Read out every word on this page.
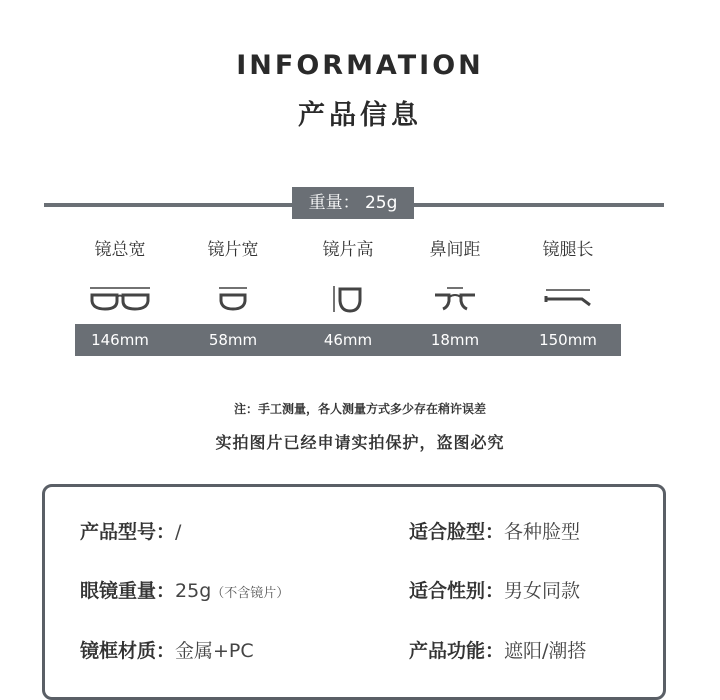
INFORMATION
产品信息
重量： 25g
镜总宽	镜片宽	镜片高	鼻间距	镜腿长
146mm	58mm	46mm	18mm	150mm
注：手工测量，各人测量方式多少存在稍许误差
实拍图片已经申请实拍保护，盗图必究
产品型号：/
眼镜重量：25g（不含镜片）
镜框材质：金属+PC
适合脸型：各种脸型
适合性别：男女同款
产品功能：遮阳/潮搭
